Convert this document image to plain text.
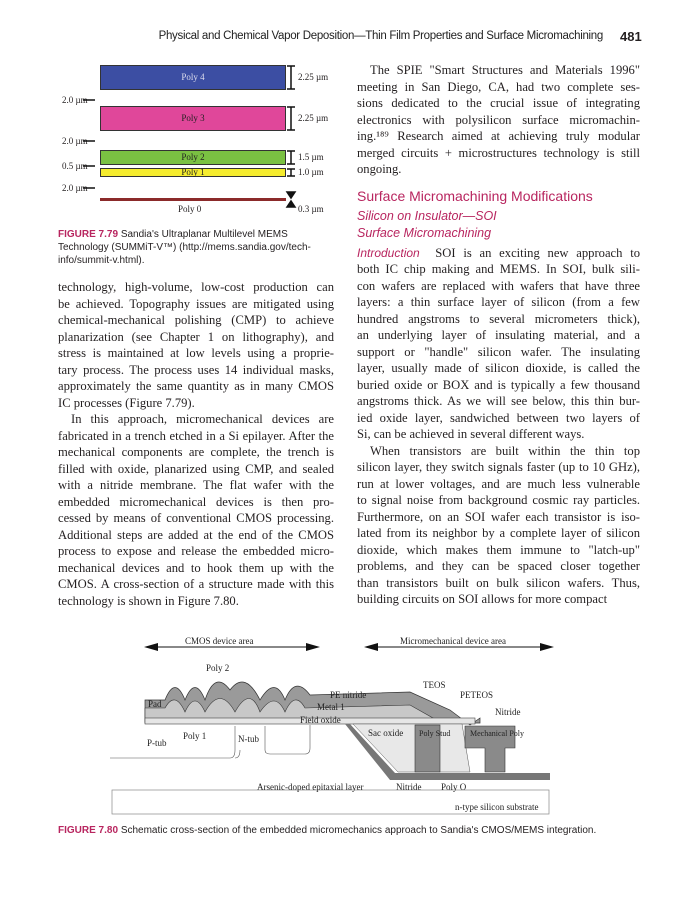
Physical and Chemical Vapor Deposition—Thin Film Properties and Surface Micromachining 481
Poly 4
Poly 3
Poly 2
Poly 1
Poly 0
2.25 µm
2.25 µm
1.5 µm
1.0 µm
0.3 µm
2.0 µm
2.0 µm
0.5 µm
2.0 µm
FIGURE 7.79 Sandia's Ultraplanar Multilevel MEMS
Technology (SUMMiT-V™) (http://mems.sandia.gov/tech-
info/summit-v.html).
technology, high-volume, low-cost production can
be achieved. Topography issues are mitigated using
chemical-mechanical polishing (CMP) to achieve
planarization (see Chapter 1 on lithography), and
stress is maintained at low levels using a proprie-
tary process. The process uses 14 individual masks,
approximately the same quantity as in many CMOS
IC processes (Figure 7.79).
In this approach, micromechanical devices are
fabricated in a trench etched in a Si epilayer. After the
mechanical components are complete, the trench is
filled with oxide, planarized using CMP, and sealed
with a nitride membrane. The flat wafer with the
embedded micromechanical devices is then pro-
cessed by means of conventional CMOS processing.
Additional steps are added at the end of the CMOS
process to expose and release the embedded micro-
mechanical devices and to hook them up with the
CMOS. A cross-section of a structure made with this
technology is shown in Figure 7.80.
The SPIE "Smart Structures and Materials 1996"
meeting in San Diego, CA, had two complete ses-
sions dedicated to the crucial issue of integrating
electronics with polysilicon surface micromachin-
ing.¹⁸⁹ Research aimed at achieving truly modular
merged circuits + microstructures technology is still
ongoing.
Surface Micromachining Modifications
Silicon on Insulator—SOI
Surface Micromachining
Introduction SOI is an exciting new approach to
both IC chip making and MEMS. In SOI, bulk sili-
con wafers are replaced with wafers that have three
layers: a thin surface layer of silicon (from a few
hundred angstroms to several micrometers thick),
an underlying layer of insulating material, and a
support or "handle" silicon wafer. The insulating
layer, usually made of silicon dioxide, is called the
buried oxide or BOX and is typically a few thousand
angstroms thick. As we will see below, this thin bur-
ied oxide layer, sandwiched between two layers of
Si, can be achieved in several different ways.
When transistors are built within the thin top
silicon layer, they switch signals faster (up to 10 GHz),
run at lower voltages, and are much less vulnerable
to signal noise from background cosmic ray particles.
Furthermore, on an SOI wafer each transistor is iso-
lated from its neighbor by a complete layer of silicon
dioxide, which makes them immune to "latch-up"
problems, and they can be spaced closer together
than transistors built on bulk silicon wafers. Thus,
building circuits on SOI allows for more compact
CMOS device area	Micromechanical device area
Poly 2
PE nitride
TEOS
PETEOS
Pad	Metal 1	Nitride
Field oxide
Poly 1	N-tub
P-tub
Sac oxide Poly Stud Mechanical Poly
Arsenic-doped epitaxial layer	Nitride Poly O
n-type silicon substrate
FIGURE 7.80 Schematic cross-section of the embedded micromechanics approach to Sandia's CMOS/MEMS integration.
